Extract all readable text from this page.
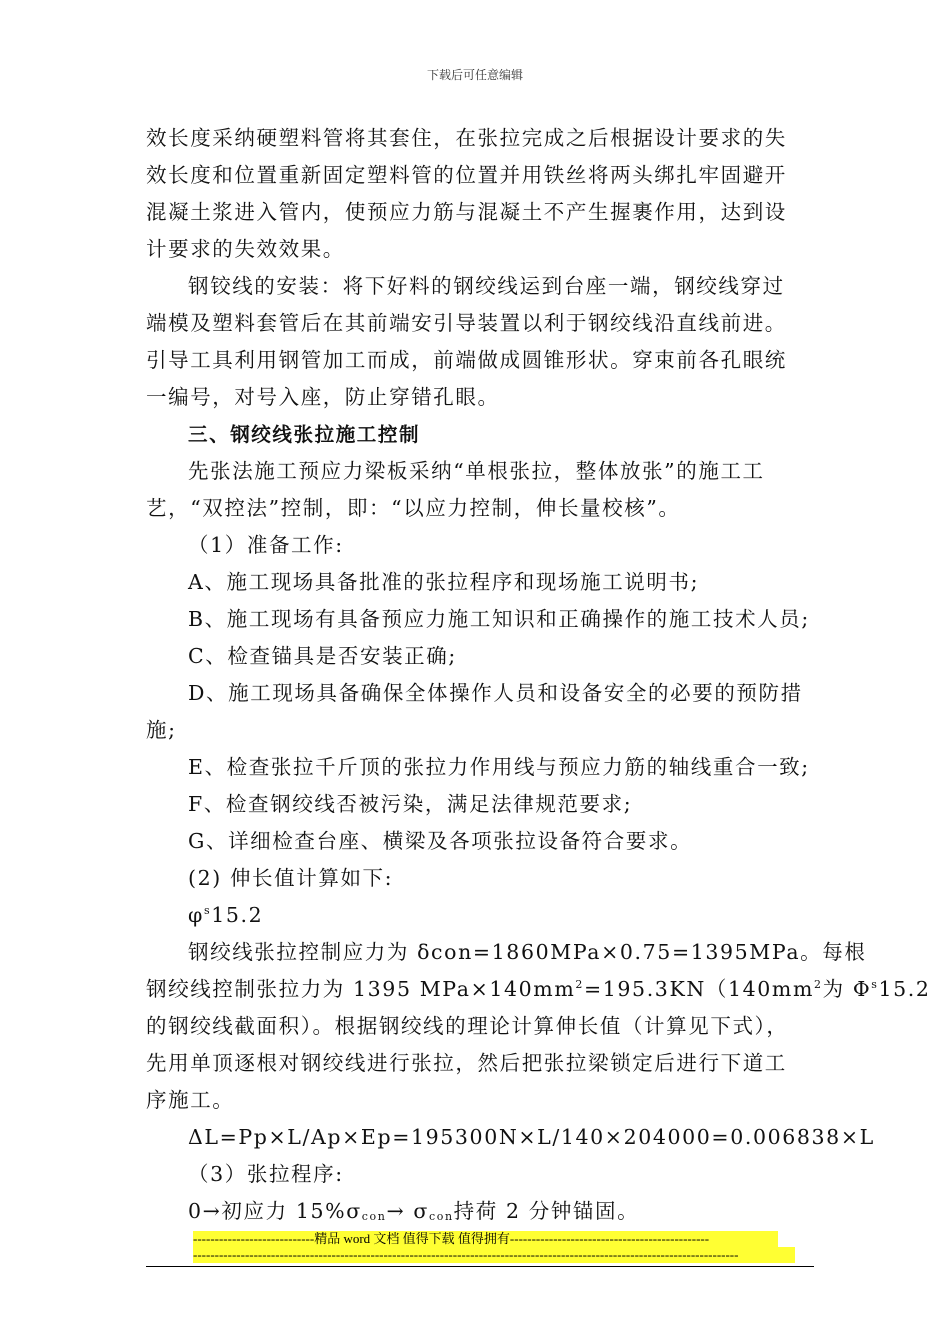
下载后可任意编辑
效长度采纳硬塑料管将其套住，在张拉完成之后根据设计要求的失
效长度和位置重新固定塑料管的位置并用铁丝将两头绑扎牢固避开
混凝土浆进入管内，使预应力筋与混凝土不产生握裹作用，达到设
计要求的失效效果。
钢铰线的安装：将下好料的钢绞线运到台座一端，钢绞线穿过
端模及塑料套管后在其前端安引导装置以利于钢绞线沿直线前进。
引导工具利用钢管加工而成，前端做成圆锥形状。穿束前各孔眼统
一编号，对号入座，防止穿错孔眼。
三、钢绞线张拉施工控制
先张法施工预应力梁板采纳“单根张拉，整体放张”的施工工
艺，“双控法”控制，即：“以应力控制，伸长量校核”。
（1）准备工作:
A、施工现场具备批准的张拉程序和现场施工说明书;
B、施工现场有具备预应力施工知识和正确操作的施工技术人员;
C、检查锚具是否安装正确;
D、施工现场具备确保全体操作人员和设备安全的必要的预防措
施;
E、检查张拉千斤顶的张拉力作用线与预应力筋的轴线重合一致;
F、检查钢绞线否被污染，满足法律规范要求;
G、详细检查台座、横梁及各项张拉设备符合要求。
(2) 伸长值计算如下:
$\varphi^s15.2$
钢绞线张拉控制应力为 δcon=1860MPa×0.75=1395MPa。每根
钢绞线控制张拉力为 1395 $MPa\times 140mm^2=195.3KN(140mm^2$为 $\Phi^s15.2$
的钢绞线截面积）。根据钢绞线的理论计算伸长值（计算见下式），
先用单顶逐根对钢绞线进行张拉，然后把张拉梁锁定后进行下道工
序施工。
ΔL=Pp×L/Ap×Ep=195300N×L/140×204000=0.006838×L
（3）张拉程序:
0→初应力 $15\%\sigma_{con}\to \sigma_{con}$持荷 2 分钟锚固。
----------------------------精品 word 文档 值得下载 值得拥有----------------------------------------------
------------------------------------------------------------------------------------------------------------------------------
